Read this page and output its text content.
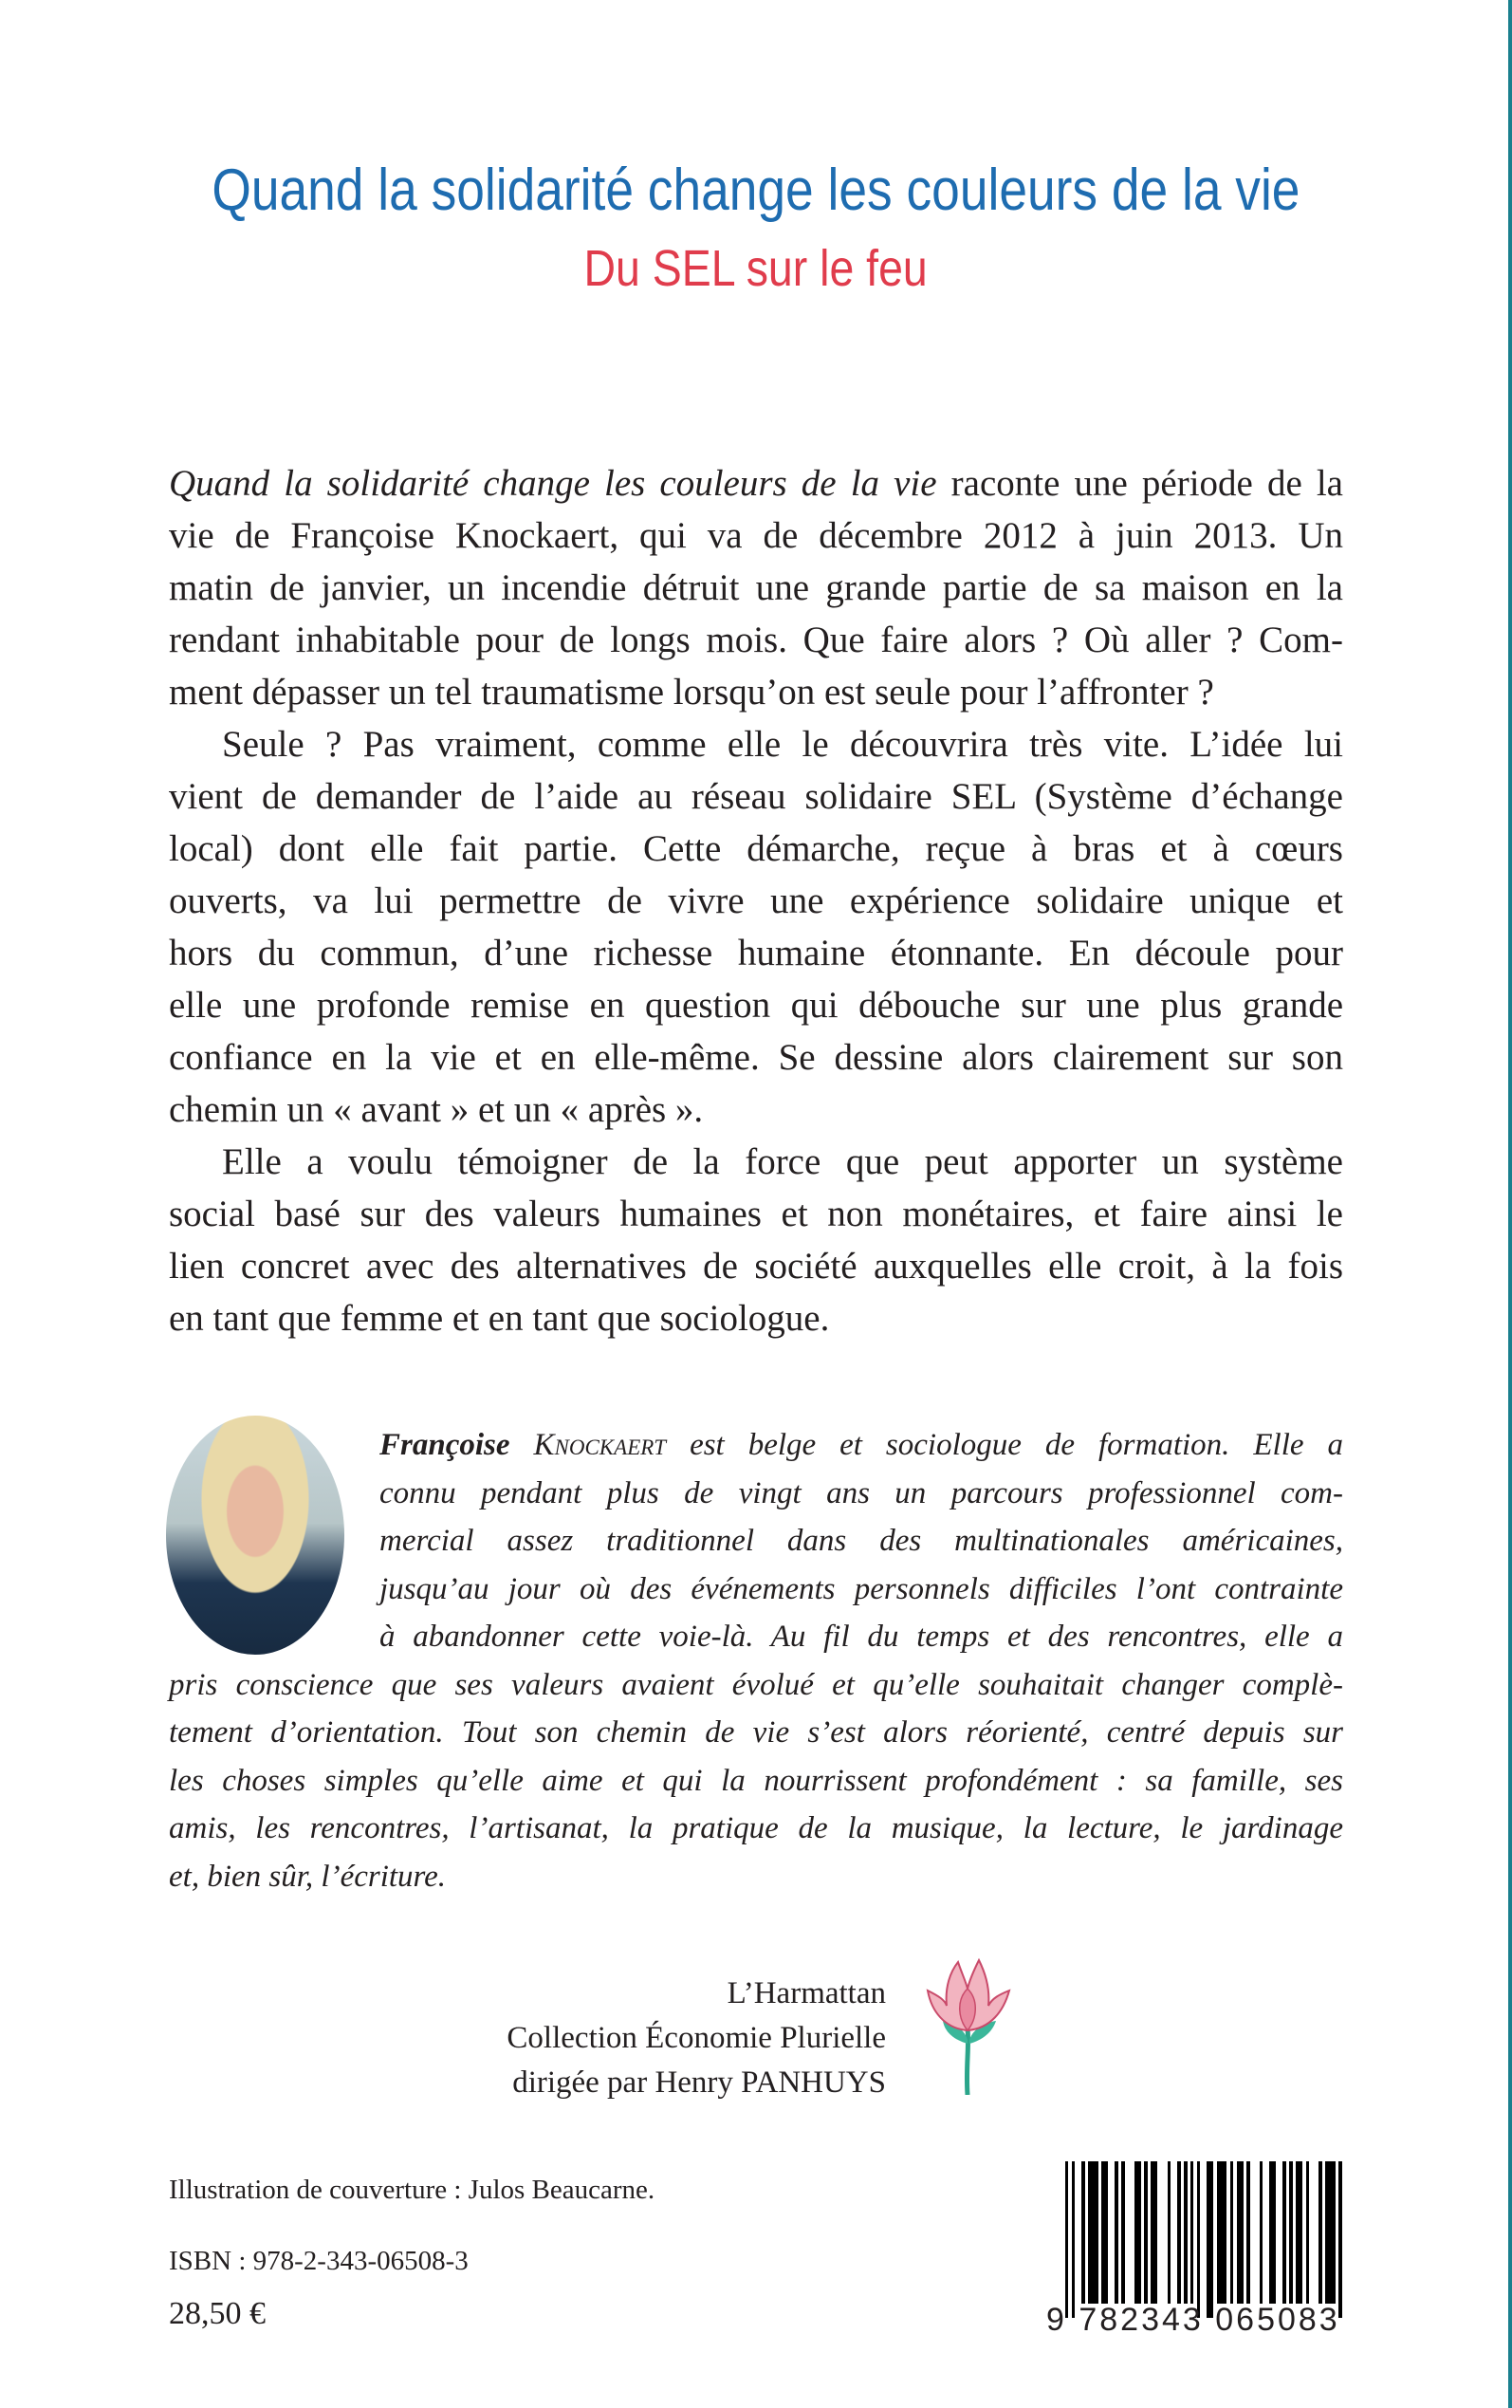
Quand la solidarité change les couleurs de la vie
Du SEL sur le feu
Quand la solidarité change les couleurs de la vie raconte une période de la
vie de Françoise Knockaert, qui va de décembre 2012 à juin 2013. Un
matin de janvier, un incendie détruit une grande partie de sa maison en la
rendant inhabitable pour de longs mois. Que faire alors ? Où aller ? Com-
ment dépasser un tel traumatisme lorsqu’on est seule pour l’affronter ?
Seule ? Pas vraiment, comme elle le découvrira très vite. L’idée lui
vient de demander de l’aide au réseau solidaire SEL (Système d’échange
local) dont elle fait partie. Cette démarche, reçue à bras et à cœurs
ouverts, va lui permettre de vivre une expérience solidaire unique et
hors du commun, d’une richesse humaine étonnante. En découle pour
elle une profonde remise en question qui débouche sur une plus grande
confiance en la vie et en elle-même. Se dessine alors clairement sur son
chemin un « avant » et un « après ».
Elle a voulu témoigner de la force que peut apporter un système
social basé sur des valeurs humaines et non monétaires, et faire ainsi le
lien concret avec des alternatives de société auxquelles elle croit, à la fois
en tant que femme et en tant que sociologue.
Françoise Knockaert est belge et sociologue de formation. Elle a
connu pendant plus de vingt ans un parcours professionnel com-
mercial assez traditionnel dans des multinationales américaines,
jusqu’au jour où des événements personnels difficiles l’ont contrainte
à abandonner cette voie-là. Au fil du temps et des rencontres, elle a
pris conscience que ses valeurs avaient évolué et qu’elle souhaitait changer complè-
tement d’orientation. Tout son chemin de vie s’est alors réorienté, centré depuis sur
les choses simples qu’elle aime et qui la nourrissent profondément : sa famille, ses
amis, les rencontres, l’artisanat, la pratique de la musique, la lecture, le jardinage
et, bien sûr, l’écriture.
L’Harmattan
Collection Économie Plurielle
dirigée par Henry PANHUYS
Illustration de couverture : Julos Beaucarne.
ISBN : 978-2-343-06508-3
28,50 €	9 782343 065083
